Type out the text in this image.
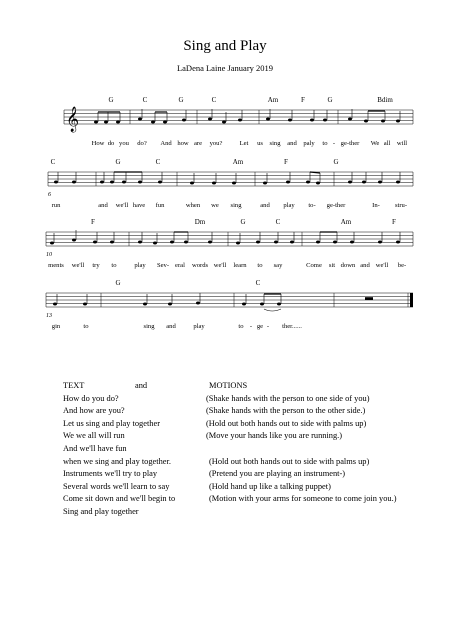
Sing and Play
LaDena Laine January 2019
G	C	G	C	Am	F	G	Bdim
𝄞
How do you do? And how are you?	Let us sing and paly to - ge-ther We all will
C	G	C	Am	F	G
6
run	and we'll have fun	when we sing	and play to- ge-ther	In- stru-
F	Dm	G	C	Am	F
10
ments we'll try to	play Sev- eral words we'll learn to say	Come sit down and we'll be-
G	C
13
gin	to	sing and	play	to - ge - ther......
TEXT	and	MOTIONS
How do you do?	(Shake hands with the person to one side of you)
And how are you?	(Shake hands with the person to the other side.)
Let us sing and play together	(Hold out both hands out to side with palms up)
We we all will run	(Move your hands like you are running.)
And we'll have fun
when we sing and play together.	(Hold out both hands out to side with palms up)
Instruments we'll try to play	(Pretend you are playing an instrument-)
Several words we'll learn to say	(Hold hand up like a talking puppet)
Come sit down and we'll begin to	(Motion with your arms for someone to come join you.)
Sing and play together
